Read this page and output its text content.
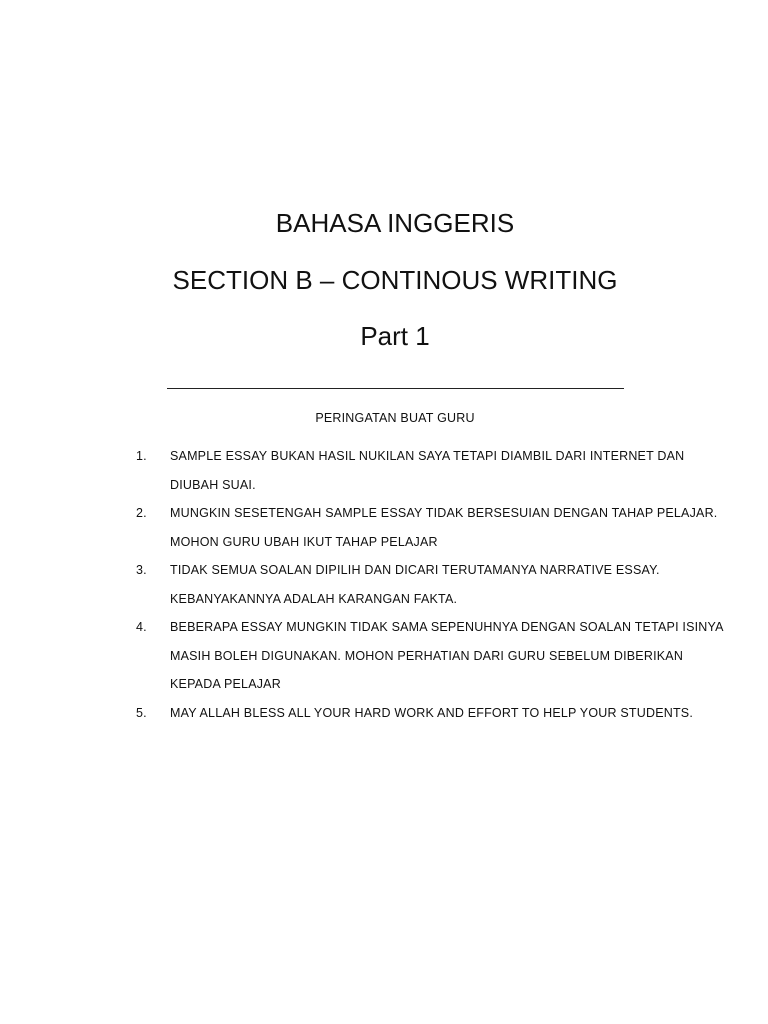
BAHASA INGGERIS
SECTION B – CONTINOUS WRITING
Part 1
PERINGATAN BUAT GURU
1. SAMPLE ESSAY BUKAN HASIL NUKILAN SAYA TETAPI DIAMBIL DARI INTERNET DAN
DIUBAH SUAI.
2. MUNGKIN SESETENGAH SAMPLE ESSAY TIDAK BERSESUIAN DENGAN TAHAP PELAJAR.
MOHON GURU UBAH IKUT TAHAP PELAJAR
3. TIDAK SEMUA SOALAN DIPILIH DAN DICARI TERUTAMANYA NARRATIVE ESSAY.
KEBANYAKANNYA ADALAH KARANGAN FAKTA.
4. BEBERAPA ESSAY MUNGKIN TIDAK SAMA SEPENUHNYA DENGAN SOALAN TETAPI ISINYA
MASIH BOLEH DIGUNAKAN. MOHON PERHATIAN DARI GURU SEBELUM DIBERIKAN
KEPADA PELAJAR
5. MAY ALLAH BLESS ALL YOUR HARD WORK AND EFFORT TO HELP YOUR STUDENTS.
